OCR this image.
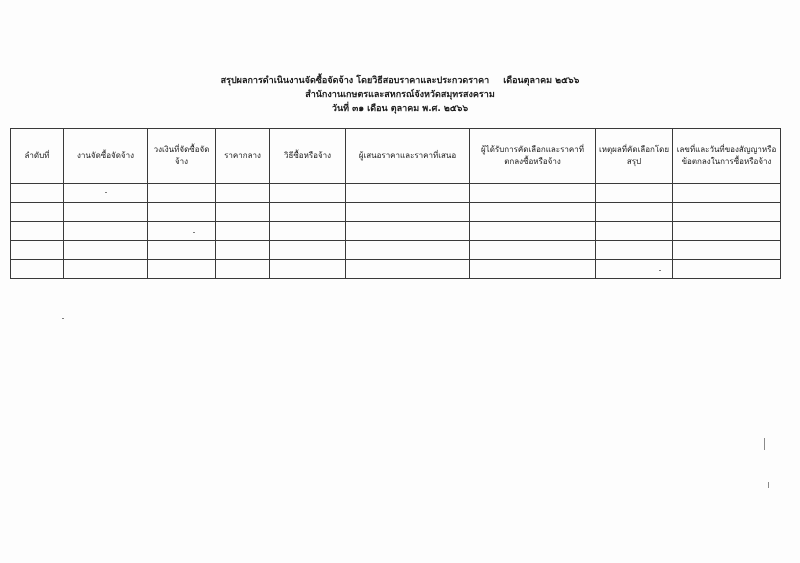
สรุปผลการดำเนินงานจัดซื้อจัดจ้าง โดยวิธีสอบราคาและประกวดราคา เดือนตุลาคม ๒๕๖๖
สำนักงานเกษตรและสหกรณ์จังหวัดสมุทรสงคราม
วันที่ ๓๑ เดือน ตุลาคม พ.ศ. ๒๕๖๖
ลำดับที่	งานจัดซื้อจัดจ้าง	วงเงินที่จัดซื้อจัดจ้าง	ราคากลาง	วิธีซื้อหรือจ้าง	ผู้เสนอราคาและราคาที่เสนอ	ผู้ได้รับการคัดเลือกและราคาที่ตกลงซื้อหรือจ้าง	เหตุผลที่คัดเลือกโดยสรุป	เลขที่และวันที่ของสัญญาหรือข้อตกลงในการซื้อหรือจ้าง
